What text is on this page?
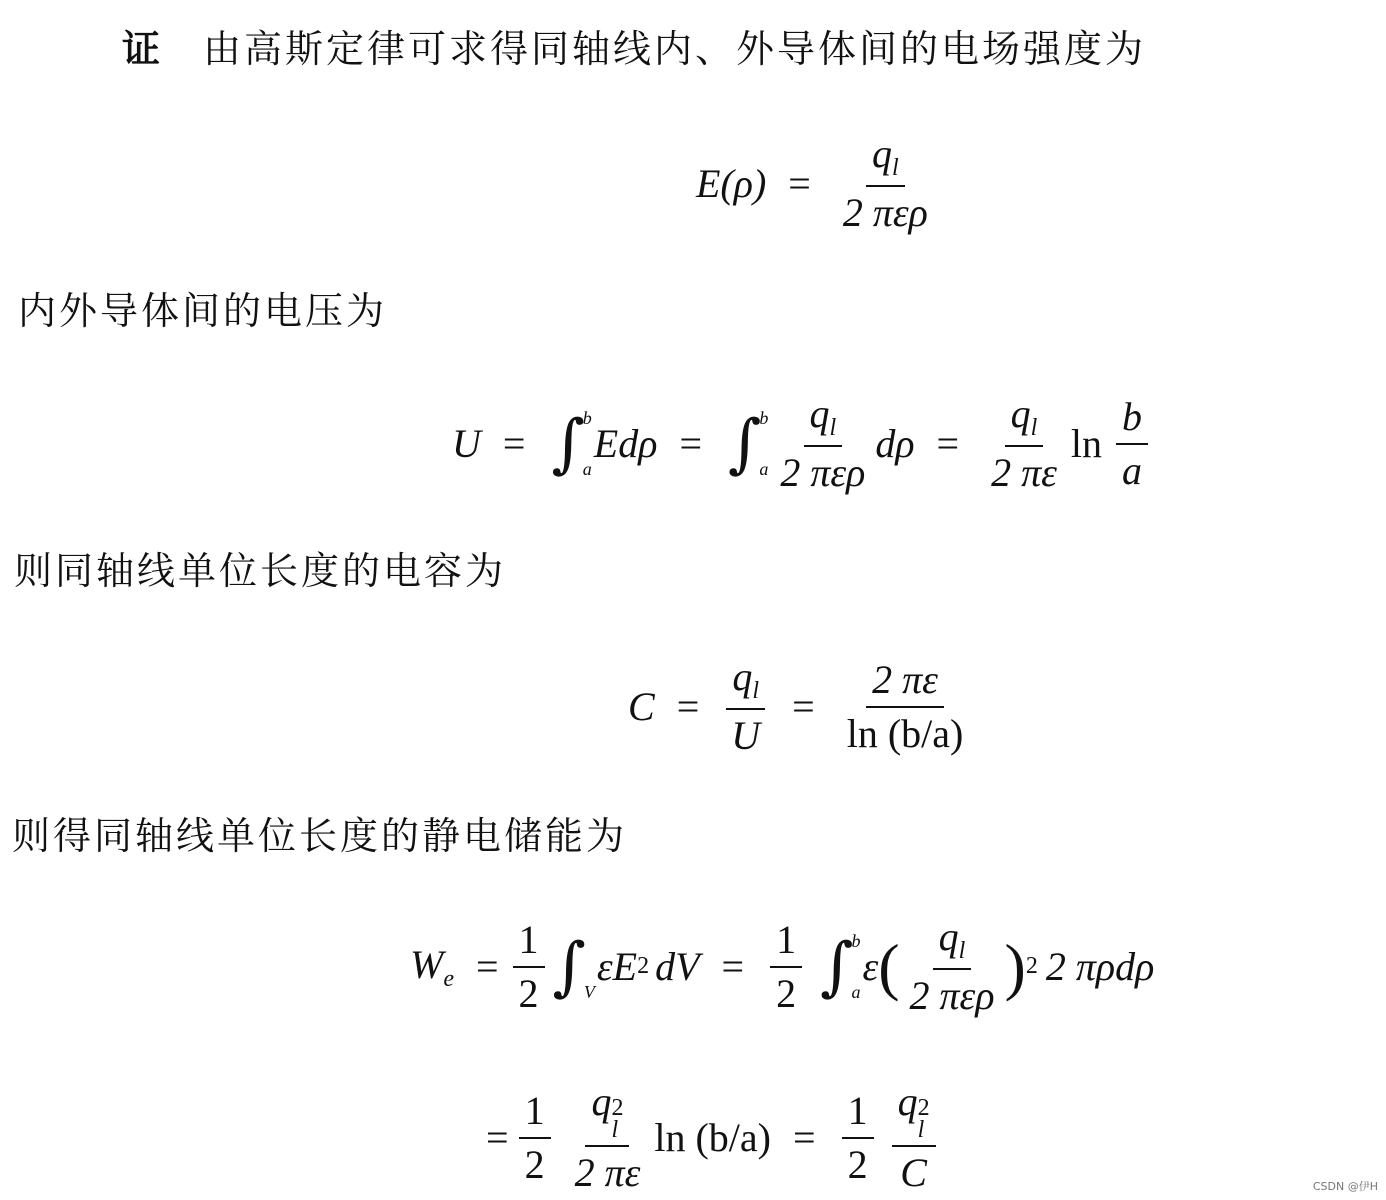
证 由高斯定律可求得同轴线内、外导体间的电场强度为
$E(\rho) = \frac{q_l}{\text{2 περ}}$
内外导体间的电压为
U = ∫
b
a
Edρ = ∫
b
a $\frac{q_l}{\text{2 περ}}$ $d\rho = \frac{q_l}{2 \pi\varepsilon}$ $\ln \frac{b}{a}$
则同轴线单位长度的电容为
$C = \frac{q_l}{U} = \frac{2 \pi\varepsilon}{\ln (b/a)}$
则得同轴线单位长度的静电储能为
$W_e = \frac{1}{2}$ ∫
V
εE 2 dV = $\frac{1}{2}$ ∫
b
a
ε ( $\frac{q_l}{\text{2 περ}}$ ) 2 2 πρdρ
= $\frac{1}{2}$ q 2
l
2 πε $\ln (b/a) = \frac{1}{2}$ q 2
l
C	CSDN @伊H
